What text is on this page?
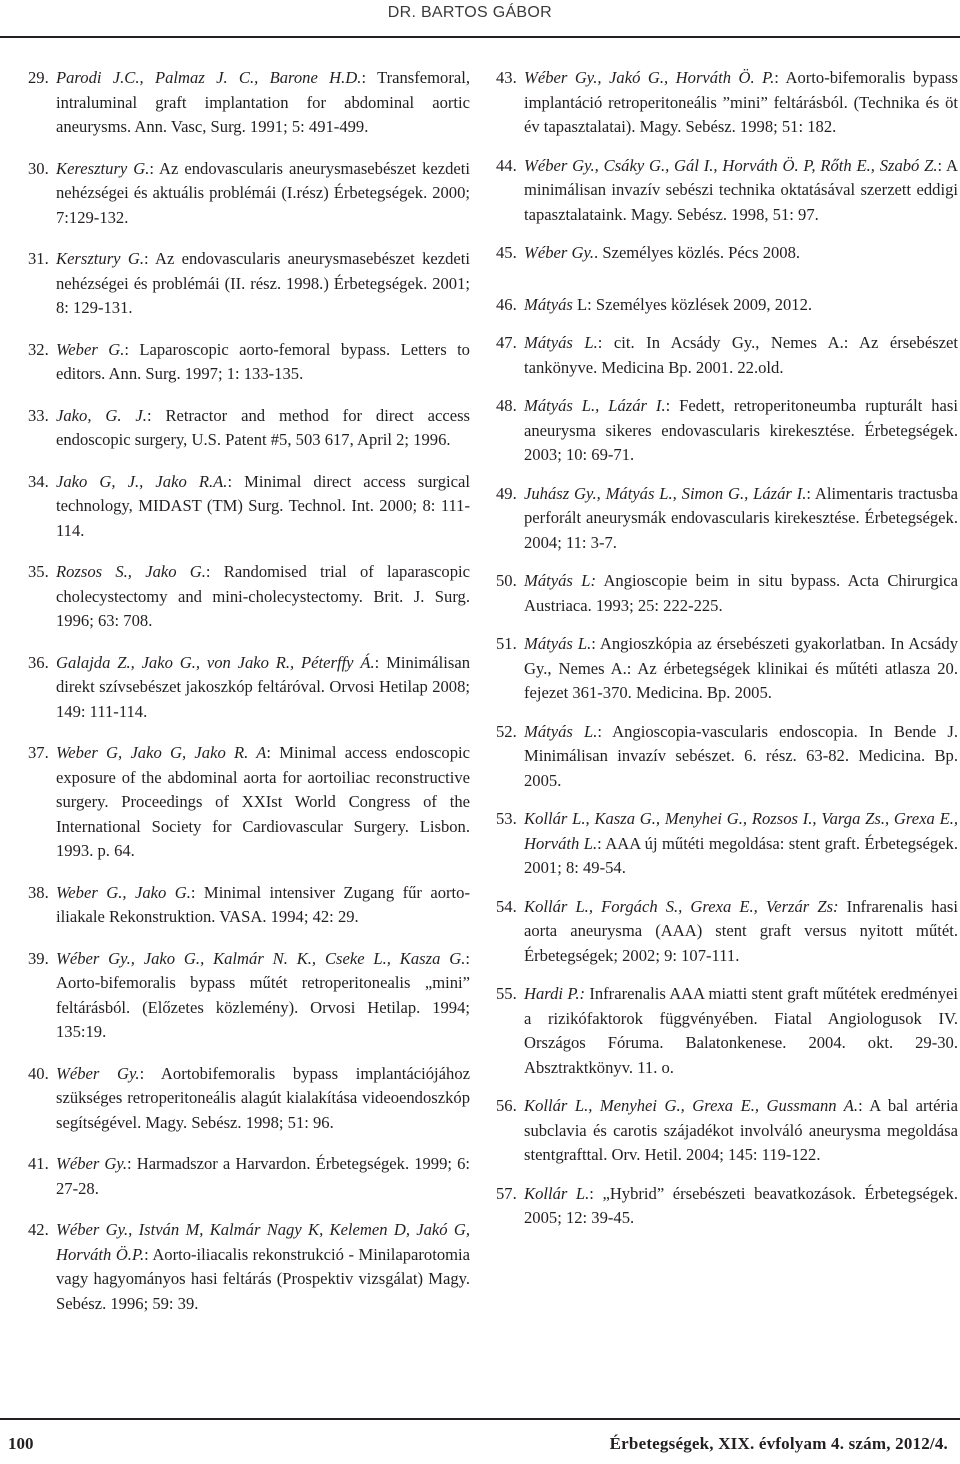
DR. BARTOS GÁBOR

29. Parodi J.C., Palmaz J. C., Barone H.D.: Transfemoral, intraluminal graft implantation for abdominal aortic aneurysms. Ann. Vasc, Surg. 1991; 5: 491-499.

30. Keresztury G.: Az endovascularis aneurysmasebészet kezdeti nehézségei és aktuális problémái (I.rész) Érbetegségek. 2000; 7:129-132.

31. Kersztury G.: Az endovascularis aneurysmasebészet kezdeti nehézségei és problémái (II. rész. 1998.) Érbetegségek. 2001; 8: 129-131.

32. Weber G.: Laparoscopic aorto-femoral bypass. Letters to editors. Ann. Surg. 1997; 1: 133-135.

33. Jako, G. J.: Retractor and method for direct access endoscopic surgery, U.S. Patent #5, 503 617, April 2; 1996.

34. Jako G, J., Jako R.A.: Minimal direct access surgical technology, MIDAST (TM) Surg. Technol. Int. 2000; 8: 111-114.

35. Rozsos S., Jako G.: Randomised trial of laparascopic cholecystectomy and mini-cholecystectomy. Brit. J. Surg. 1996; 63: 708.

36. Galajda Z., Jako G., von Jako R., Péterffy Á.: Minimálisan direkt szívsebészet jakoszkóp feltáróval. Orvosi Hetilap 2008; 149: 111-114.

37. Weber G, Jako G, Jako R. A: Minimal access endoscopic exposure of the abdominal aorta for aortoiliac reconstructive surgery. Proceedings of XXIst World Congress of the International Society for Cardiovascular Surgery. Lisbon. 1993. p. 64.

38. Weber G., Jako G.: Minimal intensiver Zugang fűr aorto-iliakale Rekonstruktion. VASA. 1994; 42: 29.

39. Wéber Gy., Jako G., Kalmár N. K., Cseke L., Kasza G.: Aorto-bifemoralis bypass műtét retroperitonealis „mini” feltárásból. (Előzetes közlemény). Orvosi Hetilap. 1994; 135:19.

40. Wéber Gy.: Aortobifemoralis bypass implantációjához szükséges retroperitoneális alagút kialakítása videoendoszkóp segítségével. Magy. Sebész. 1998; 51: 96.

41. Wéber Gy.: Harmadszor a Harvardon. Érbetegségek. 1999; 6: 27-28.

42. Wéber Gy., István M, Kalmár Nagy K, Kelemen D, Jakó G, Horváth Ö.P.: Aorto-iliacalis rekonstrukció - Minilaparotomia vagy hagyományos hasi feltárás (Prospektiv vizsgálat) Magy. Sebész. 1996; 59: 39.

43. Wéber Gy., Jakó G., Horváth Ö. P.: Aorto-bifemoralis bypass implantáció retroperitoneális ”mini” feltárásból. (Technika és öt év tapasztalatai). Magy. Sebész. 1998; 51: 182.

44. Wéber Gy., Csáky G., Gál I., Horváth Ö. P, Rőth E., Szabó Z.: A minimálisan invazív sebészi technika oktatásával szerzett eddigi tapasztalataink. Magy. Sebész. 1998, 51: 97.

45. Wéber Gy.. Személyes közlés. Pécs 2008.

46. Mátyás L: Személyes közlések 2009, 2012.

47. Mátyás L.: cit. In Acsády Gy., Nemes A.: Az érsebészet tankönyve. Medicina Bp. 2001. 22.old.

48. Mátyás L., Lázár I.: Fedett, retroperitoneumba rupturált hasi aneurysma sikeres endovascularis kirekesztése. Érbetegségek. 2003; 10: 69-71.

49. Juhász Gy., Mátyás L., Simon G., Lázár I.: Alimentaris tractusba perforált aneurysmák endovascularis kirekesztése. Érbetegségek. 2004; 11: 3-7.

50. Mátyás L: Angioscopie beim in situ bypass. Acta Chirurgica Austriaca. 1993; 25: 222-225.

51. Mátyás L.: Angioszkópia az érsebészeti gyakorlatban. In Acsády Gy., Nemes A.: Az érbetegségek klinikai és műtéti atlasza 20. fejezet 361-370. Medicina. Bp. 2005.

52. Mátyás L.: Angioscopia-vascularis endoscopia. In Bende J. Minimálisan invazív sebészet. 6. rész. 63-82. Medicina. Bp. 2005.

53. Kollár L., Kasza G., Menyhei G., Rozsos I., Varga Zs., Grexa E., Horváth L.: AAA új műtéti megoldása: stent graft. Érbetegségek. 2001; 8: 49-54.

54. Kollár L., Forgách S., Grexa E., Verzár Zs: Infrarenalis hasi aorta aneurysma (AAA) stent graft versus nyitott műtét. Érbetegségek; 2002; 9: 107-111.

55. Hardi P.: Infrarenalis AAA miatti stent graft műtétek eredményei a rizikófaktorok függvényében. Fiatal Angiologusok IV. Országos Fóruma. Balatonkenese. 2004. okt. 29-30. Absztraktkönyv. 11. o.

56. Kollár L., Menyhei G., Grexa E., Gussmann A.: A bal artéria subclavia és carotis szájadékot involváló aneurysma megoldása stentgrafttal. Orv. Hetil. 2004; 145: 119-122.

57. Kollár L.: „Hybrid” érsebészeti beavatkozások. Érbetegségek. 2005; 12: 39-45.

100	Érbetegségek, XIX. évfolyam 4. szám, 2012/4.
